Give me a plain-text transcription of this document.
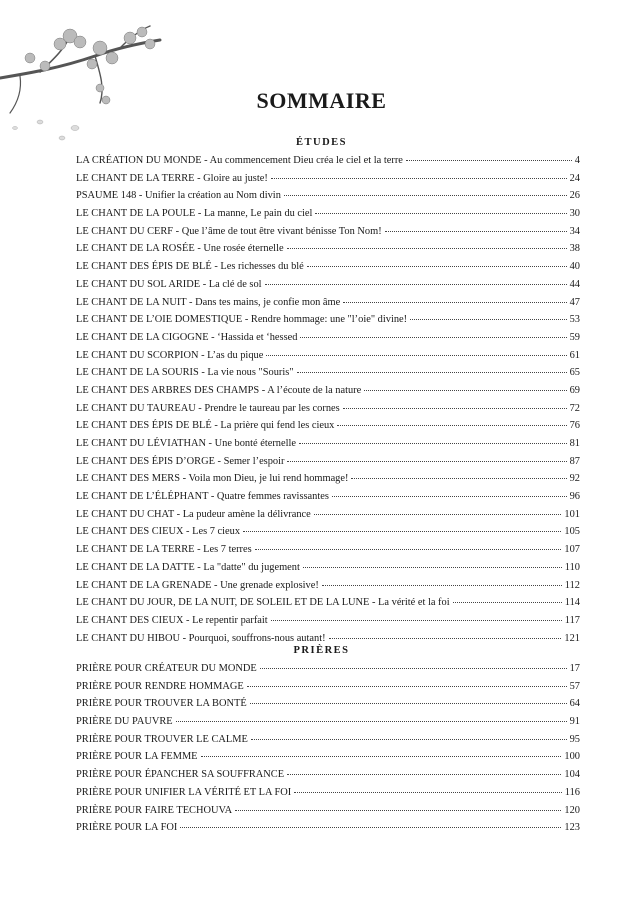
SOMMAIRE
ÉTUDES
LA CRÉATION DU MONDE - Au commencement Dieu créa le ciel et la terre	4
LE CHANT DE LA TERRE - Gloire au juste!	24
PSAUME 148 - Unifier la création au Nom divin	26
LE CHANT DE LA POULE - La manne, Le pain du ciel	30
LE CHANT DU CERF - Que l’âme de tout être vivant bénisse Ton Nom!	34
LE CHANT DE LA ROSÉE - Une rosée éternelle	38
LE CHANT DES ÉPIS DE BLÉ - Les richesses du blé	40
LE CHANT DU SOL ARIDE - La clé de sol	44
LE CHANT DE LA NUIT - Dans tes mains, je confie mon âme	47
LE CHANT DE L’OIE DOMESTIQUE - Rendre hommage: une "l’oie" divine!	53
LE CHANT DE LA CIGOGNE - ‘Hassida et ‘hessed	59
LE CHANT DU SCORPION - L’as du pique	61
LE CHANT DE LA SOURIS - La vie nous "Souris"	65
LE CHANT DES ARBRES DES CHAMPS - A l’écoute de la nature	69
LE CHANT DU TAUREAU - Prendre le taureau par les cornes	72
LE CHANT DES ÉPIS DE BLÉ - La prière qui fend les cieux	76
LE CHANT DU LÉVIATHAN - Une bonté éternelle	81
LE CHANT DES ÉPIS D’ORGE - Semer l’espoir	87
LE CHANT DES MERS - Voila mon Dieu, je lui rend hommage!	92
LE CHANT DE L’ÉLÉPHANT - Quatre femmes ravissantes	96
LE CHANT DU CHAT - La pudeur amène la délivrance	101
LE CHANT DES CIEUX - Les 7 cieux	105
LE CHANT DE LA TERRE - Les 7 terres	107
LE CHANT DE LA DATTE - La "datte" du jugement	110
LE CHANT DE LA GRENADE - Une grenade explosive!	112
LE CHANT DU JOUR, DE LA NUIT, DE SOLEIL ET DE LA LUNE - La vérité et la foi	114
LE CHANT DES CIEUX - Le repentir parfait	117
LE CHANT DU HIBOU - Pourquoi, souffrons-nous autant!	121
PRIÈRES
PRIÈRE POUR CRÉATEUR DU MONDE	17
PRIÈRE POUR RENDRE HOMMAGE	57
PRIÈRE POUR TROUVER LA BONTÉ	64
PRIÈRE DU PAUVRE	91
PRIÈRE POUR TROUVER LE CALME	95
PRIÈRE POUR LA FEMME	100
PRIÈRE POUR ÉPANCHER SA SOUFFRANCE	104
PRIÈRE POUR UNIFIER LA VÉRITÉ ET LA FOI	116
PRIÈRE POUR FAIRE TECHOUVA	120
PRIÈRE POUR LA FOI	123
